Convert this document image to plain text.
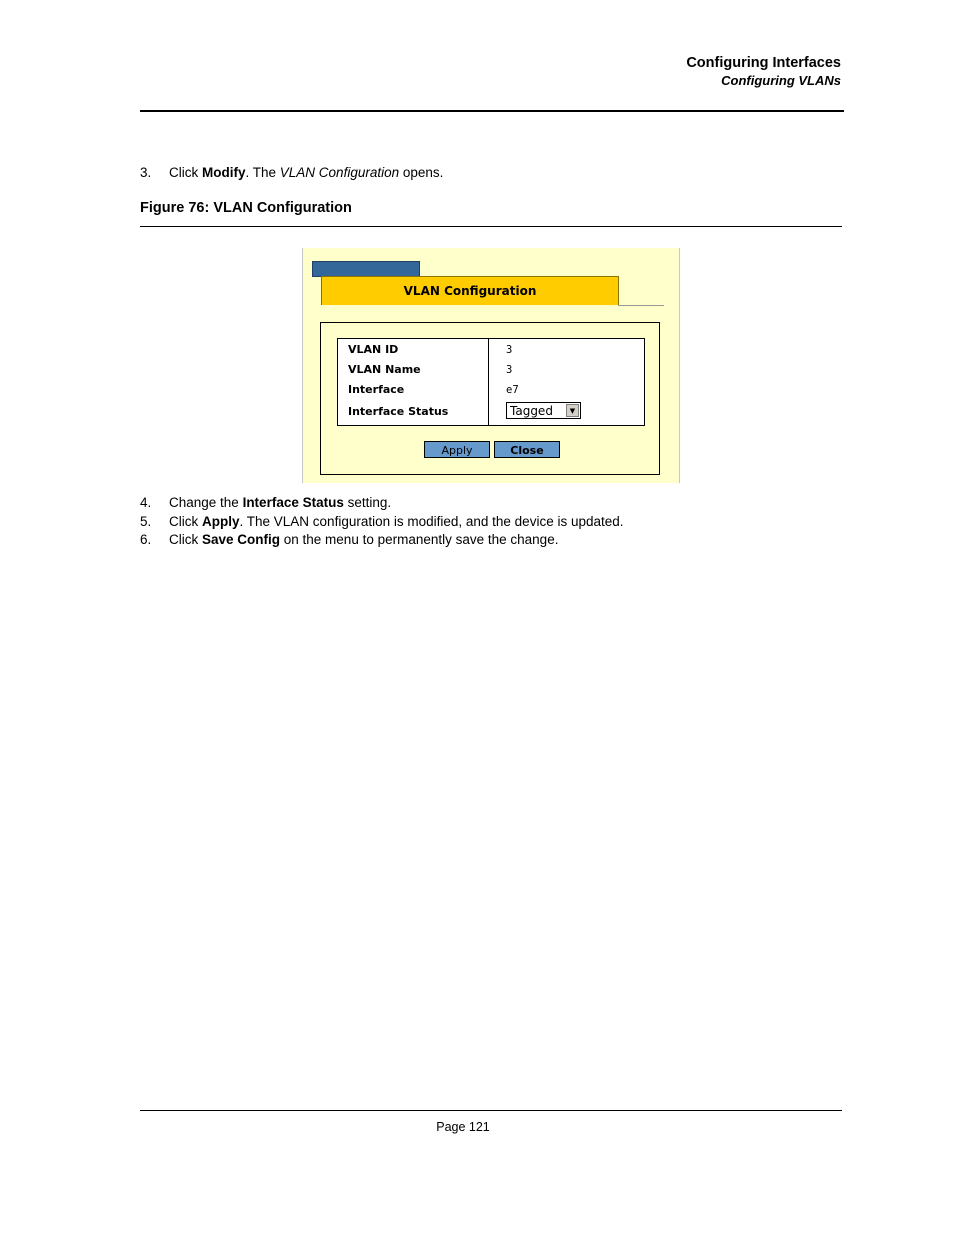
Configuring Interfaces
Configuring VLANs
3. Click Modify. The VLAN Configuration opens.
Figure 76: VLAN Configuration
VLAN Configuration
VLAN ID	3
VLAN Name	3
Interface	e7
Interface Status	Tagged	▼
Apply	Close
4. Change the Interface Status setting.
5. Click Apply. The VLAN configuration is modified, and the device is updated.
6. Click Save Config on the menu to permanently save the change.
Page 121
